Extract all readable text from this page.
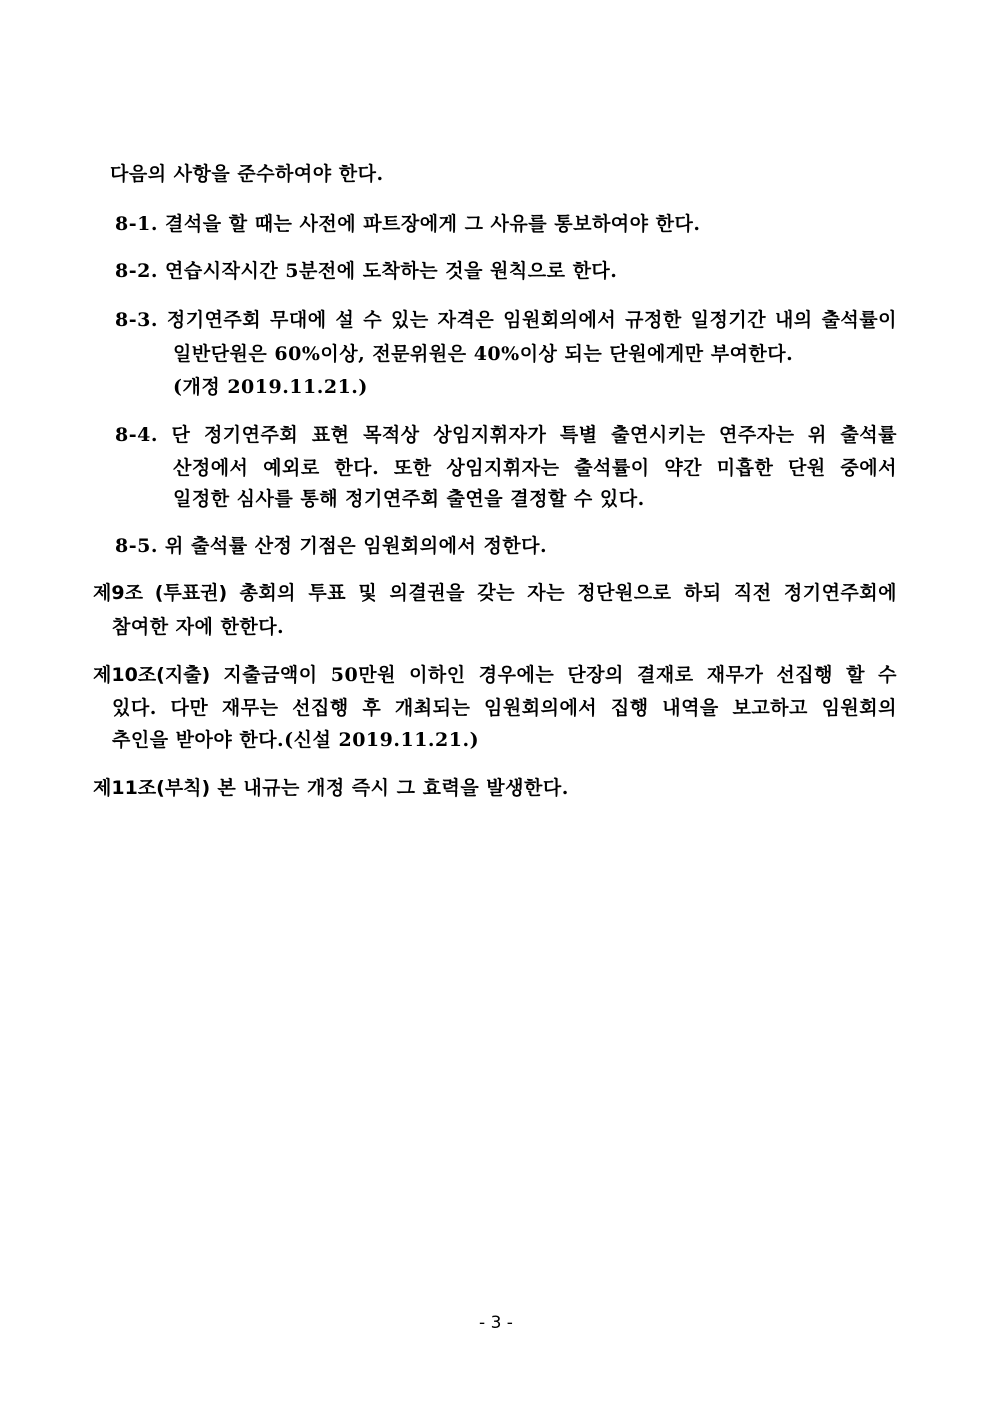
다음의 사항을 준수하여야 한다.
8-1. 결석을 할 때는 사전에 파트장에게 그 사유를 통보하여야 한다.
8-2. 연습시작시간 5분전에 도착하는 것을 원칙으로 한다.
8-3. 정기연주회 무대에 설 수 있는 자격은 임원회의에서 규정한 일정기간 내의 출석률이
일반단원은 60%이상, 전문위원은 40%이상 되는 단원에게만 부여한다.
(개정 2019.11.21.)
8-4. 단 정기연주회 표현 목적상 상임지휘자가 특별 출연시키는 연주자는 위 출석률
산정에서 예외로 한다. 또한 상임지휘자는 출석률이 약간 미흡한 단원 중에서
일정한 심사를 통해 정기연주회 출연을 결정할 수 있다.
8-5. 위 출석률 산정 기점은 임원회의에서 정한다.
제9조 (투표권) 총회의 투표 및 의결권을 갖는 자는 정단원으로 하되 직전 정기연주회에
참여한 자에 한한다.
제10조(지출) 지출금액이 50만원 이하인 경우에는 단장의 결재로 재무가 선집행 할 수
있다. 다만 재무는 선집행 후 개최되는 임원회의에서 집행 내역을 보고하고 임원회의
추인을 받아야 한다.(신설 2019.11.21.)
제11조(부칙) 본 내규는 개정 즉시 그 효력을 발생한다.
- 3 -
